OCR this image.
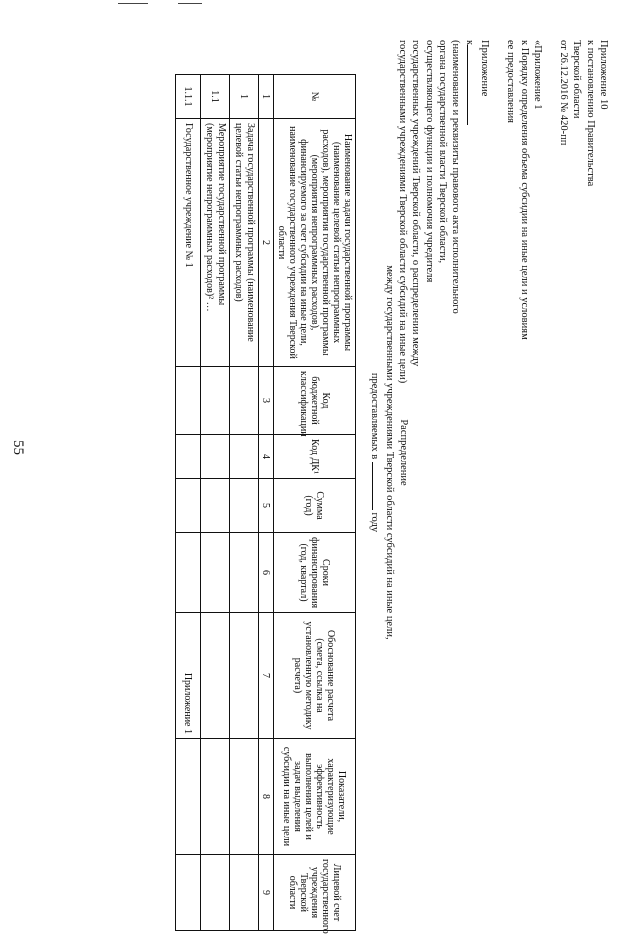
55
Приложение 10
к постановлению Правительства
Тверской области
от 26.12.2016 № 420-пп
«Приложение 1
к Порядку определения объема субсидии на иные цели и условиям
ее предоставления
Приложение
к
(наименование и реквизиты правового акта исполнительного
органа государственной власти Тверской области,
осуществляющего функции и полномочия учредителя
государственных учреждений Тверской области, о распределении между
государственными учреждениями Тверской области субсидий на иные цели)
Распределение
между государственными учреждениями Тверской области субсидий на иные цели,
предоставляемых в  году
№	Наименование задачи государственной программы (наименование целевой статьи непрограммных расходов), мероприятия государственной программы (мероприятия непрограммных расходов), финансируемого за счет субсидии на иные цели, наименование государственного учреждения Тверской области	Код бюджетной классификации	Код ДК¹	Сумма (год)	Сроки финансирования (год, квартал)	Обоснование расчета (смета, ссылка на установленную методику расчета)	Показатели, характеризующие эффективность выполнения целей и задач выделения субсидии на иные цели	Лицевой счет государственного учреждения Тверской области
1	2	3	4	5	6	7	8	9
1	Задача государственной программы (наименование целевой статьи непрограммных расходов)							
1.1	Мероприятие государственной программы (мероприятие непрограммных расходов)² …							
1.1.1	Государственное учреждение № 1					Приложение 1		
